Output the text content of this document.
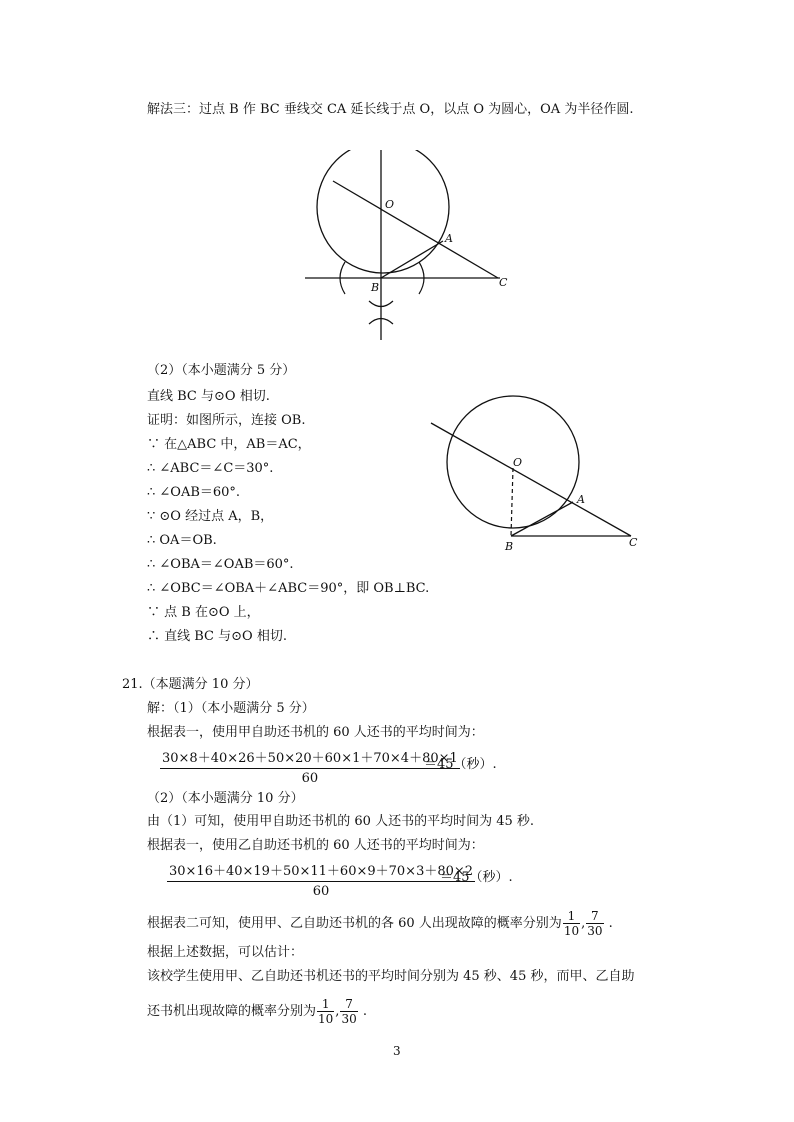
解法三：过点 B 作 BC 垂线交 CA 延长线于点 O，以点 O 为圆心，OA 为半径作圆.
O
A
B	C
（2）（本小题满分 5 分）
直线 BC 与⊙O 相切.
证明：如图所示，连接 OB.
∵ 在△ABC 中，AB＝AC，
∴ ∠ABC＝∠C＝30°.
∴ ∠OAB＝60°.
∵ ⊙O 经过点 A，B，
∴ OA＝OB.
∴ ∠OBA＝∠OAB＝60°.
∴ ∠OBC＝∠OBA＋∠ABC＝90°，即 OB⊥BC.
∵ 点 B 在⊙O 上，
∴ 直线 BC 与⊙O 相切.
O
A
B	C
21.（本题满分 10 分）
解：（1）（本小题满分 5 分）
根据表一，使用甲自助还书机的 60 人还书的平均时间为：
$\frac{30\times 8+40\times 26+50\times 20+60\times 1+70\times 4+80\times 1}{60}$
＝45（秒）.
（2）（本小题满分 10 分）
由（1）可知，使用甲自助还书机的 60 人还书的平均时间为 45 秒.
根据表一，使用乙自助还书机的 60 人还书的平均时间为：
$\frac{30\times 16+40\times 19+50\times 11+60\times 9+70\times 3+80\times 2}{60}$
＝45（秒）.
根据表二可知，使用甲、乙自助还书机的各 60 人出现故障的概率分别为 $\frac{1}{10}$ , $\frac{7}{30}$ .
根据上述数据，可以估计：
该校学生使用甲、乙自助还书机还书的平均时间分别为 45 秒、45 秒，而甲、乙自助
还书机出现故障的概率分别为 $\frac{1}{10}$ , $\frac{7}{30}$ .
3
